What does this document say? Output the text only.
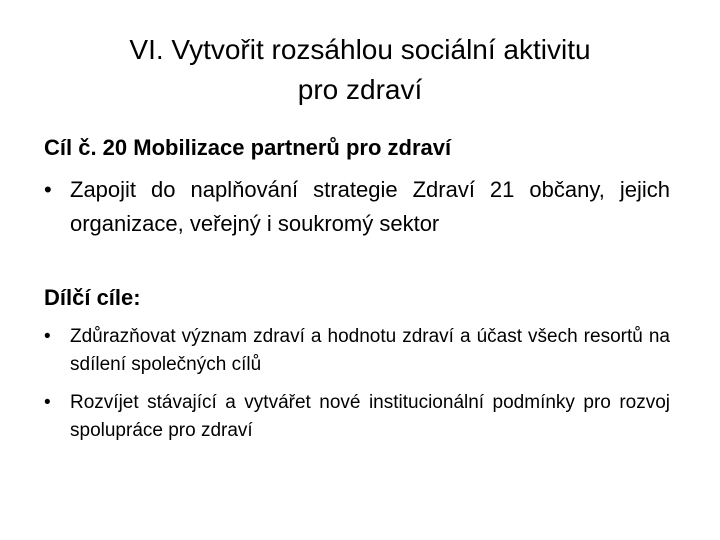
VI. Vytvořit rozsáhlou sociální aktivitu
pro zdraví

Cíl č. 20 Mobilizace partnerů pro zdraví

• Zapojit do naplňování strategie Zdraví 21 občany, jejich organizace, veřejný i soukromý sektor

Dílčí cíle:

• Zdůrazňovat význam zdraví a hodnotu zdraví a účast všech resortů na sdílení společných cílů

• Rozvíjet stávající a vytvářet nové institucionální podmínky pro rozvoj spolupráce pro zdraví
